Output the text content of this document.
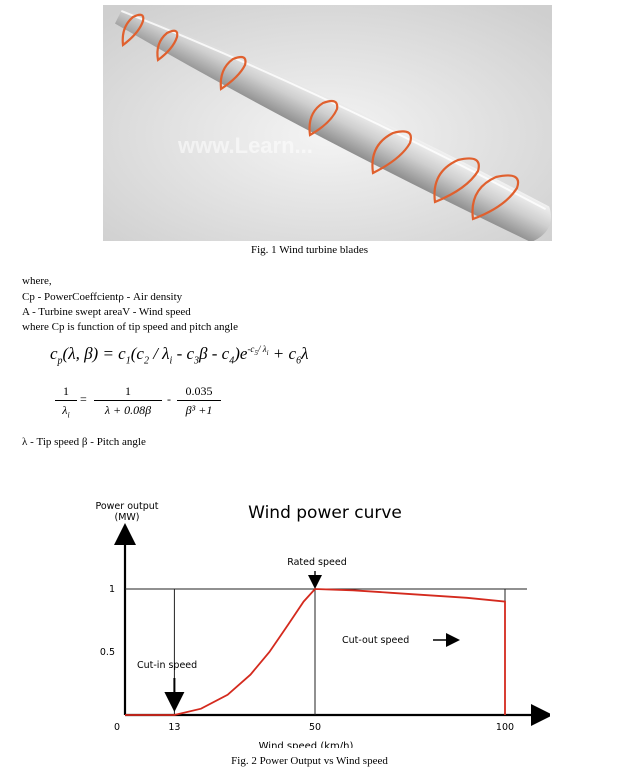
www.Learn...
Fig. 1 Wind turbine blades
where,
Cp - PowerCoeffcientρ - Air density
A - Turbine swept areaV - Wind speed
where Cp is function of tip speed and pitch angle
$c_p(\lambda$, $\beta) = c_1(c_2 / \lambda_i - c_3\beta - c_4)e^{-c_5/ \lambda_i} + c_6\lambda$
1
$\lambda_i$
=
1
λ + 0.08β
-
0.035
β³ +1
λ - Tip speed β - Pitch angle
Power output
(MW)	Wind power curve
0	13	50	100
1
0.5
Rated speed
Cut-in speed
Cut-out speed
Wind speed (km/h)
Fig. 2 Power Output vs Wind speed
